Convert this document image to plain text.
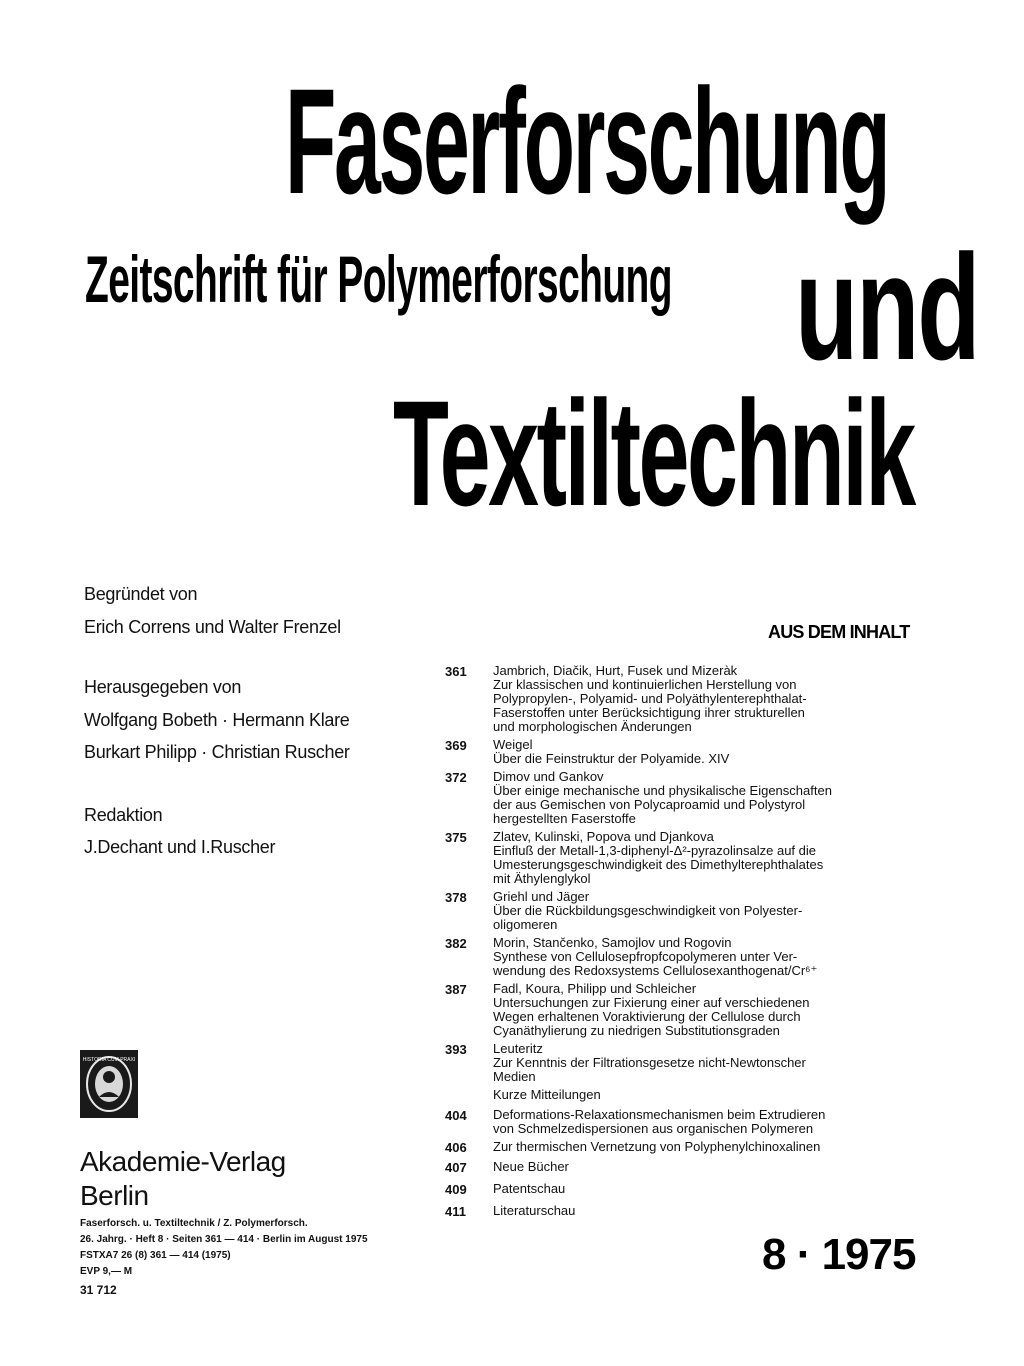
Faserforschung
Zeitschrift für Polymerforschung und
Textiltechnik
Begründet von
Erich Correns und Walter Frenzel
Herausgegeben von
Wolfgang Bobeth · Hermann Klare
Burkart Philipp · Christian Ruscher
Redaktion
J.Dechant und I.Ruscher
HISTORIA CUM PRAXI
Akademie-Verlag
Berlin
Faserforsch. u. Textiltechnik / Z. Polymerforsch.
26. Jahrg. · Heft 8 · Seiten 361 — 414 · Berlin im August 1975
FSTXA7 26 (8) 361 — 414 (1975)
EVP 9,— M
31 712
AUS DEM INHALT
361	Jambrich, Diačik, Hurt, Fusek und Mizeràk
Zur klassischen und kontinuierlichen Herstellung von
Polypropylen-, Polyamid- und Polyäthylenterephthalat-
Faserstoffen unter Berücksichtigung ihrer strukturellen
und morphologischen Änderungen
369	Weigel
Über die Feinstruktur der Polyamide. XIV
372	Dimov und Gankov
Über einige mechanische und physikalische Eigenschaften
der aus Gemischen von Polycaproamid und Polystyrol
hergestellten Faserstoffe
375	Zlatev, Kulinski, Popova und Djankova
Einfluß der Metall-1,3-diphenyl-Δ²-pyrazolinsalze auf die
Umesterungsgeschwindigkeit des Dimethylterephthalates
mit Äthylenglykol
378	Griehl und Jäger
Über die Rückbildungsgeschwindigkeit von Polyester-
oligomeren
382	Morin, Stančenko, Samojlov und Rogovin
Synthese von Cellulosepfropfcopolymeren unter Ver-
wendung des Redoxsystems Cellulosexanthogenat/Cr⁶⁺
387	Fadl, Koura, Philipp und Schleicher
Untersuchungen zur Fixierung einer auf verschiedenen
Wegen erhaltenen Voraktivierung der Cellulose durch
Cyanäthylierung zu niedrigen Substitutionsgraden
393	Leuteritz
Zur Kenntnis der Filtrationsgesetze nicht-Newtonscher
Medien
Kurze Mitteilungen
404	Deformations-Relaxationsmechanismen beim Extrudieren
von Schmelzedispersionen aus organischen Polymeren
406	Zur thermischen Vernetzung von Polyphenylchinoxalinen
407	Neue Bücher
409	Patentschau
411	Literaturschau
8 · 1975
